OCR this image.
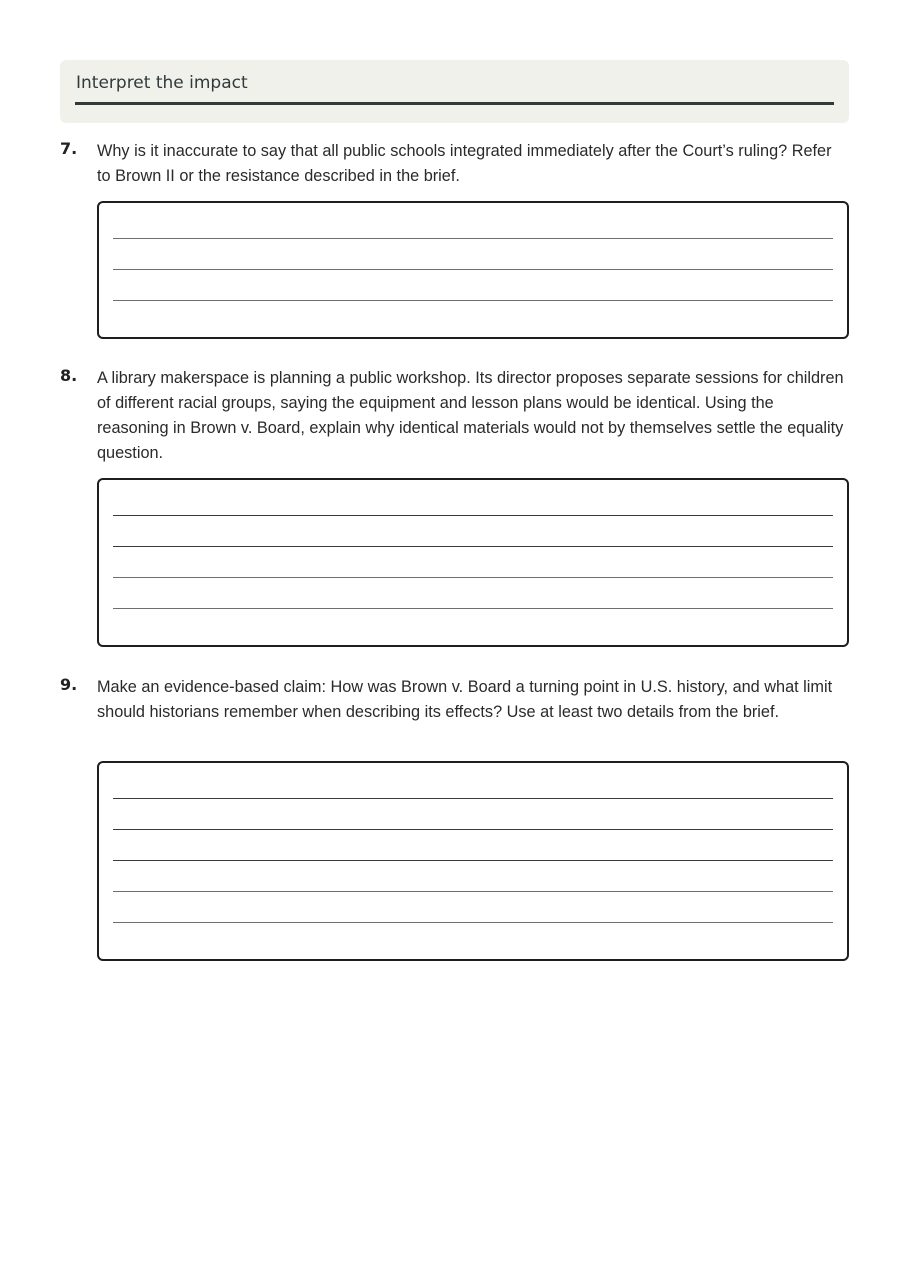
Interpret the impact
7. Why is it inaccurate to say that all public schools integrated immediately after the Court’s ruling? Refer to Brown II or the resistance described in the brief.
8. A library makerspace is planning a public workshop. Its director proposes separate sessions for children of different racial groups, saying the equipment and lesson plans would be identical. Using the reasoning in Brown v. Board, explain why identical materials would not by themselves settle the equality question.
9. Make an evidence-based claim: How was Brown v. Board a turning point in U.S. history, and what limit should historians remember when describing its effects? Use at least two details from the brief.
